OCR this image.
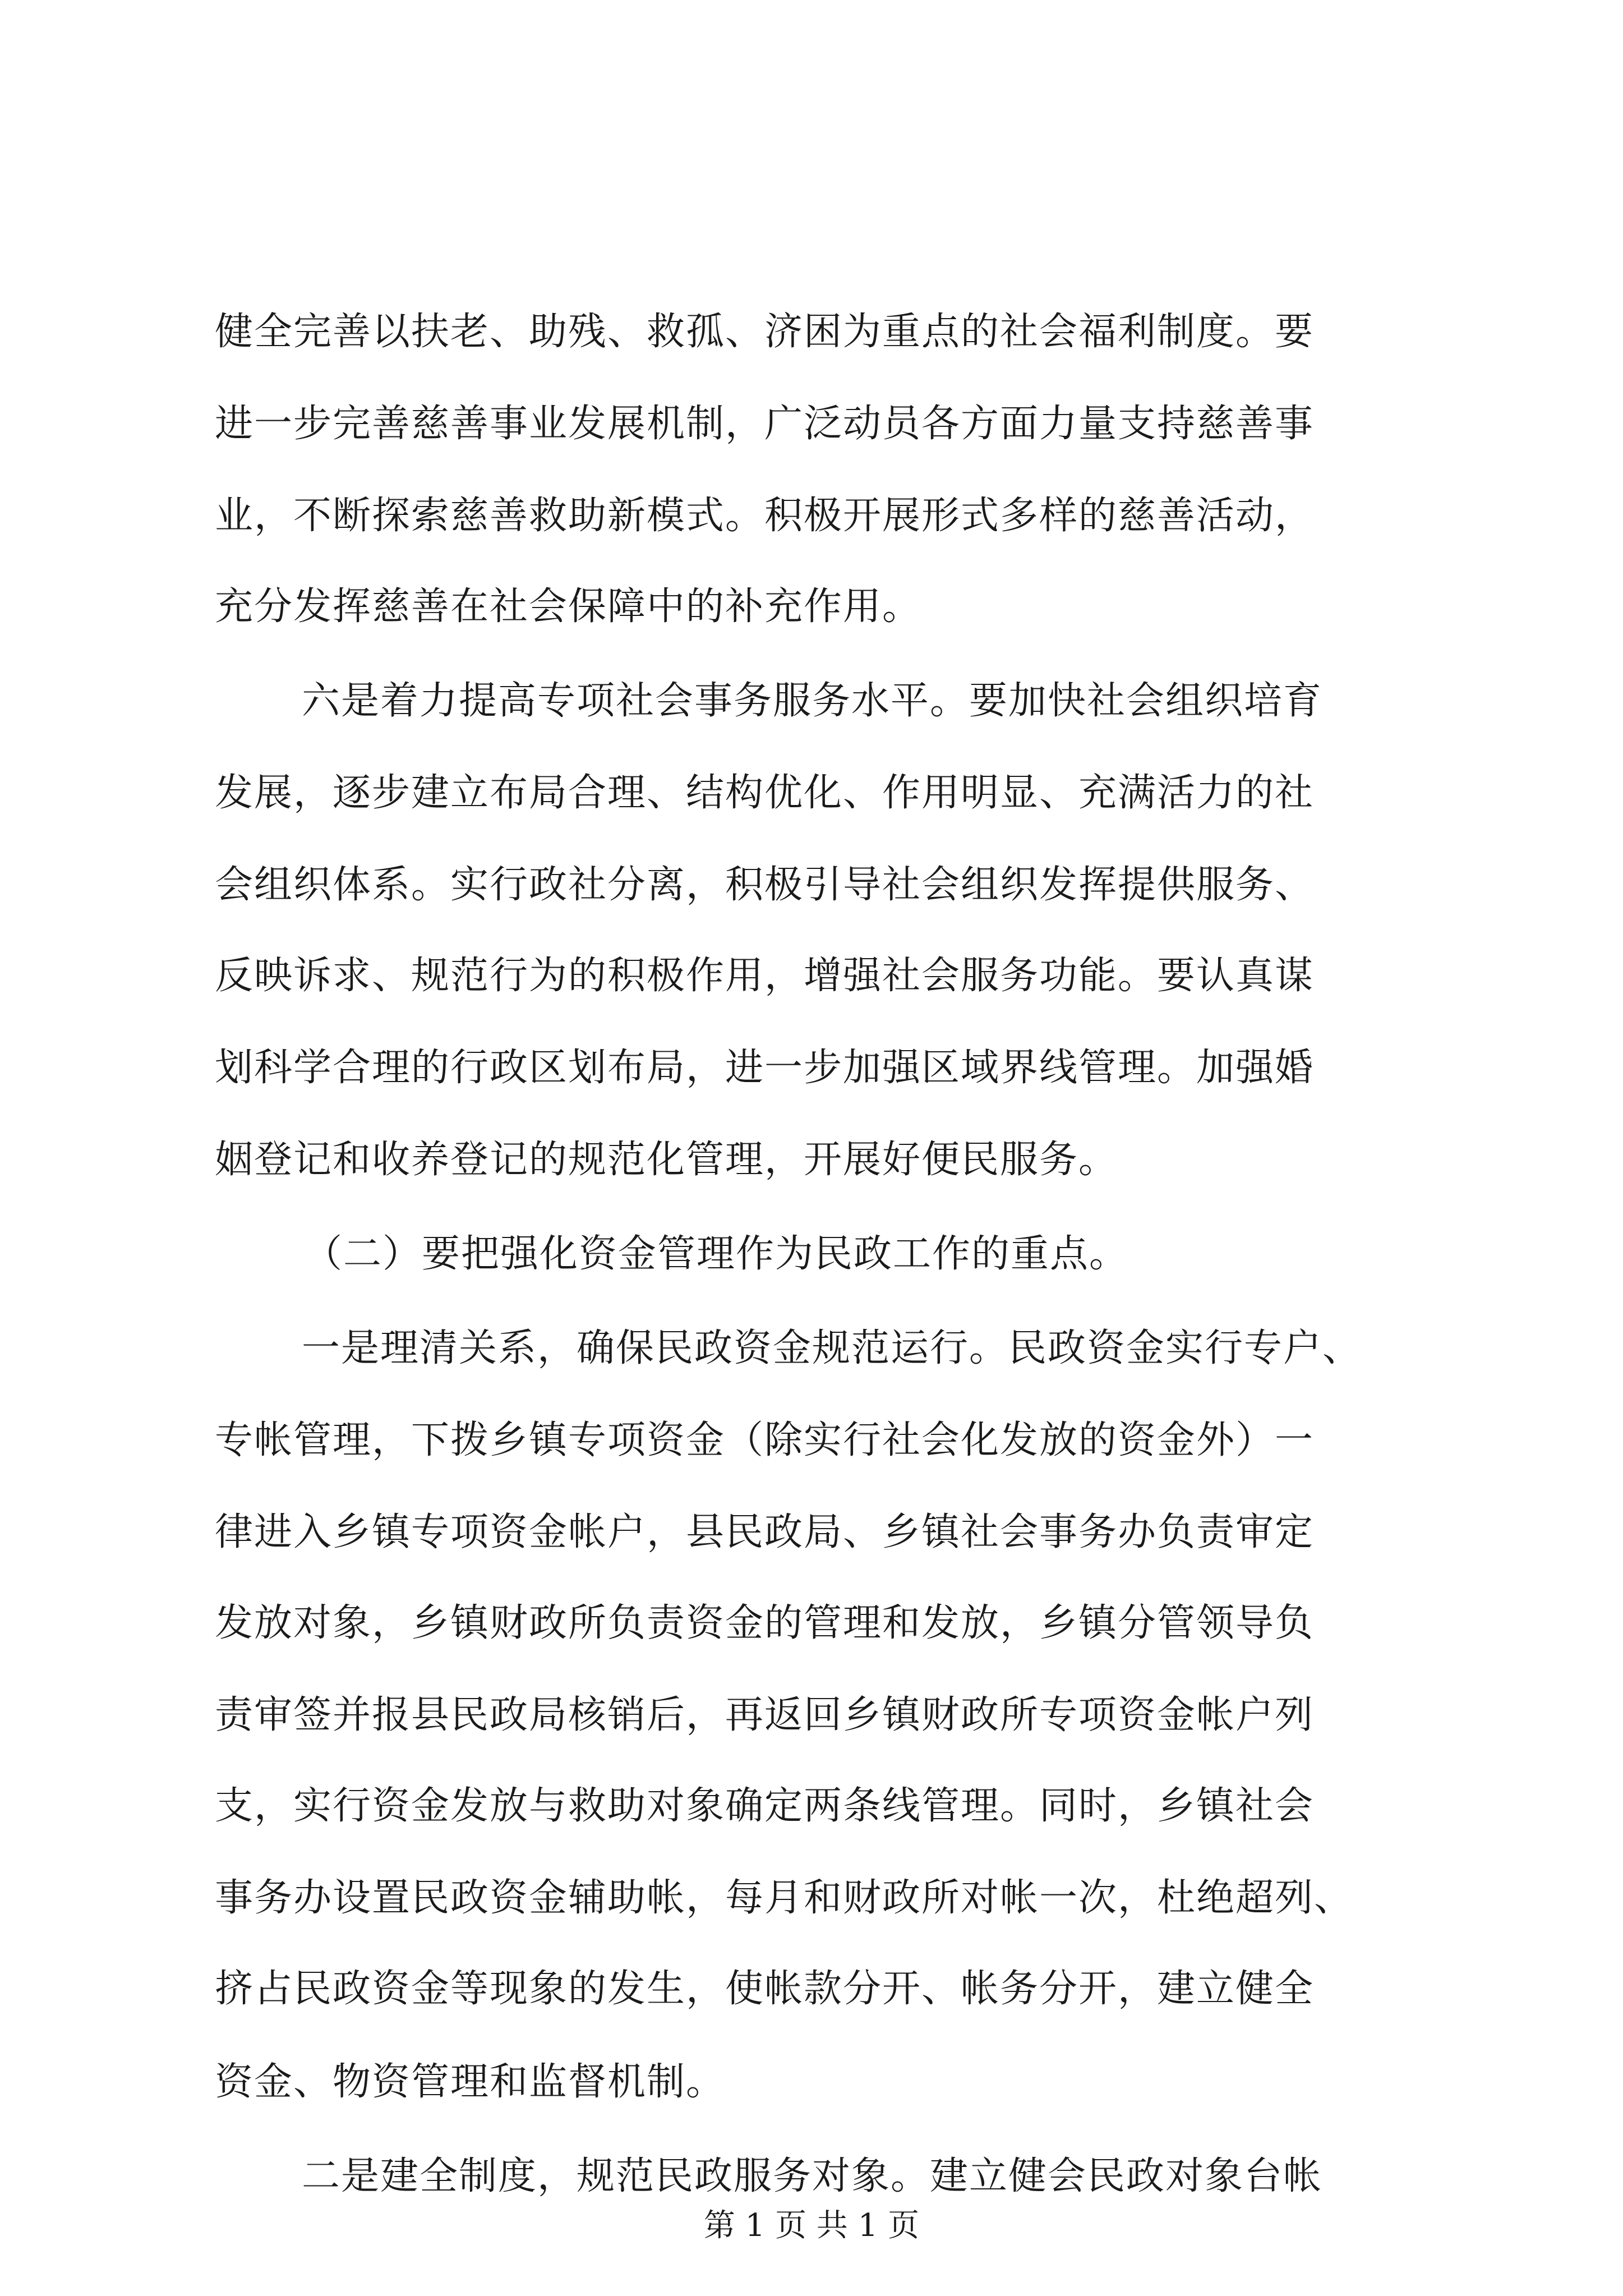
健全完善以扶老、助残、救孤、济困为重点的社会福利制度。要
进一步完善慈善事业发展机制，广泛动员各方面力量支持慈善事
业，不断探索慈善救助新模式。积极开展形式多样的慈善活动，
充分发挥慈善在社会保障中的补充作用。
六是着力提高专项社会事务服务水平。要加快社会组织培育
发展，逐步建立布局合理、结构优化、作用明显、充满活力的社
会组织体系。实行政社分离，积极引导社会组织发挥提供服务、
反映诉求、规范行为的积极作用，增强社会服务功能。要认真谋
划科学合理的行政区划布局，进一步加强区域界线管理。加强婚
姻登记和收养登记的规范化管理，开展好便民服务。
（二）要把强化资金管理作为民政工作的重点。
一是理清关系，确保民政资金规范运行。民政资金实行专户、
专帐管理，下拨乡镇专项资金（除实行社会化发放的资金外）一
律进入乡镇专项资金帐户，县民政局、乡镇社会事务办负责审定
发放对象，乡镇财政所负责资金的管理和发放，乡镇分管领导负
责审签并报县民政局核销后，再返回乡镇财政所专项资金帐户列
支，实行资金发放与救助对象确定两条线管理。同时，乡镇社会
事务办设置民政资金辅助帐，每月和财政所对帐一次，杜绝超列、
挤占民政资金等现象的发生，使帐款分开、帐务分开，建立健全
资金、物资管理和监督机制。
二是建全制度，规范民政服务对象。建立健会民政对象台帐
第 1 页 共 1 页
